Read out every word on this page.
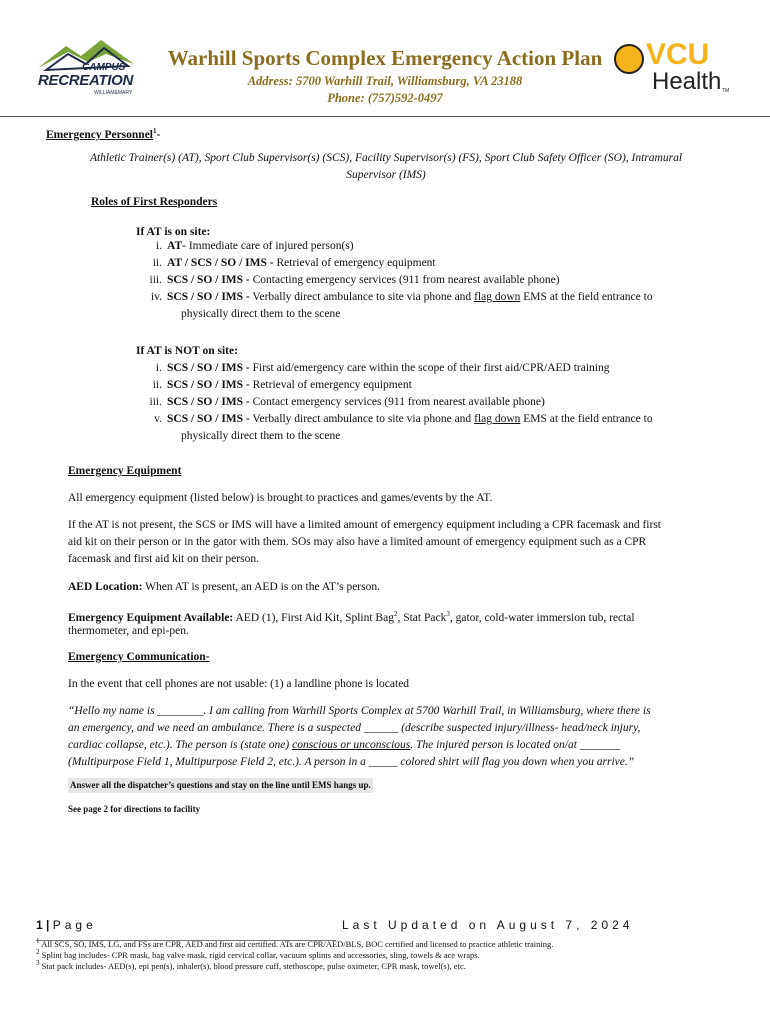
CAMPUS
RECREATION
WILLIAM&MARY
Warhill Sports Complex Emergency Action Plan
Address: 5700 Warhill Trail, Williamsburg, VA 23188
Phone: (757)592-0497
VCU
Health TM
Emergency Personnel$^1$-
Athletic Trainer(s) (AT), Sport Club Supervisor(s) (SCS), Facility Supervisor(s) (FS), Sport Club Safety Officer (SO), Intramural
Supervisor (IMS)
Roles of First Responders
If AT is on site:
i. AT- Immediate care of injured person(s)
ii. AT / SCS / SO / IMS - Retrieval of emergency equipment
iii. SCS / SO / IMS - Contacting emergency services (911 from nearest available phone)
iv. SCS / SO / IMS - Verbally direct ambulance to site via phone and flag down EMS at the field entrance to
physically direct them to the scene
If AT is NOT on site:
i. SCS / SO / IMS - First aid/emergency care within the scope of their first aid/CPR/AED training
ii. SCS / SO / IMS - Retrieval of emergency equipment
iii. SCS / SO / IMS - Contact emergency services (911 from nearest available phone)
v. SCS / SO / IMS - Verbally direct ambulance to site via phone and flag down EMS at the field entrance to
physically direct them to the scene
Emergency Equipment
All emergency equipment (listed below) is brought to practices and games/events by the AT.
If the AT is not present, the SCS or IMS will have a limited amount of emergency equipment including a CPR facemask and first
aid kit on their person or in the gator with them. SOs may also have a limited amount of emergency equipment such as a CPR
facemask and first aid kit on their person.
AED Location: When AT is present, an AED is on the AT’s person.
Emergency Equipment Available: AED (1), First Aid Kit, Splint Bag$^2$, Stat Pack$^3$, gator, cold-water immersion tub, rectal
thermometer, and epi-pen.
Emergency Communication-
In the event that cell phones are not usable: (1) a landline phone is located
“Hello my name is ________. I am calling from Warhill Sports Complex at 5700 Warhill Trail, in Williamsburg, where there is
an emergency, and we need an ambulance. There is a suspected ______ (describe suspected injury/illness- head/neck injury,
cardiac collapse, etc.). The person is (state one) conscious or unconscious. The injured person is located on/at _______
(Multipurpose Field 1, Multipurpose Field 2, etc.). A person in a _____ colored shirt will flag you down when you arrive.”
Answer all the dispatcher’s questions and stay on the line until EMS hangs up.
See page 2 for directions to facility
1 | Page	Last Updated on August 7, 2024
$^1$ All SCS, SO, IMS, LG, and FSs are CPR, AED and first aid certified. ATs are CPR/AED/BLS, BOC certified and licensed to practice athletic training.
$^2$ Splint bag includes- CPR mask, bag valve mask, rigid cervical collar, vacuum splints and accessories, sling, towels & ace wraps.
$^3$ Stat pack includes- AED(s), epi pen(s), inhaler(s), blood pressure cuff, stethoscope, pulse oximeter, CPR mask, towel(s), etc.
